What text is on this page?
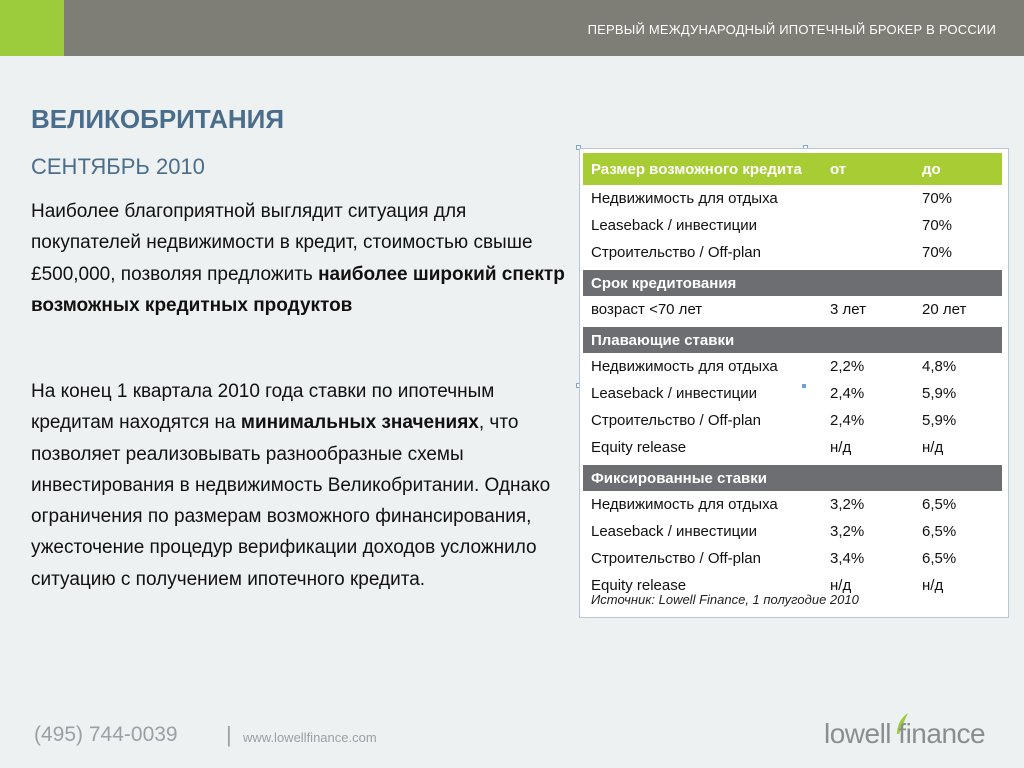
ПЕРВЫЙ МЕЖДУНАРОДНЫЙ ИПОТЕЧНЫЙ БРОКЕР В РОССИИ
ВЕЛИКОБРИТАНИЯ
СЕНТЯБРЬ 2010
Наиболее благоприятной выглядит ситуация для покупателей недвижимости в кредит, стоимостью свыше £500,000, позволяя предложить наиболее широкий спектр возможных кредитных продуктов
На конец 1 квартала 2010 года ставки по ипотечным кредитам находятся на минимальных значениях, что позволяет реализовывать разнообразные схемы инвестирования в недвижимость Великобритании. Однако ограничения по размерам возможного финансирования, ужесточение процедур верификации доходов усложнило ситуацию с получением ипотечного кредита.
Размер возможного кредита	от	до
Недвижимость для отдыха		70%
Leaseback / инвестиции		70%
Строительство / Off-plan		70%

Срок кредитования		
возраст <70 лет	3 лет	20 лет

Плавающие ставки		
Недвижимость для отдыха	2,2%	4,8%
Leaseback / инвестиции	2,4%	5,9%
Строительство / Off-plan	2,4%	5,9%
Equity release	н/д	н/д

Фиксированные ставки		
Недвижимость для отдыха	3,2%	6,5%
Leaseback / инвестиции	3,2%	6,5%
Строительство / Off-plan	3,4%	6,5%
Equity release	н/д	н/д
Источник: Lowell Finance, 1 полугодие 2010
(495) 744-0039 | www.lowellfinance.com	lowell finance
